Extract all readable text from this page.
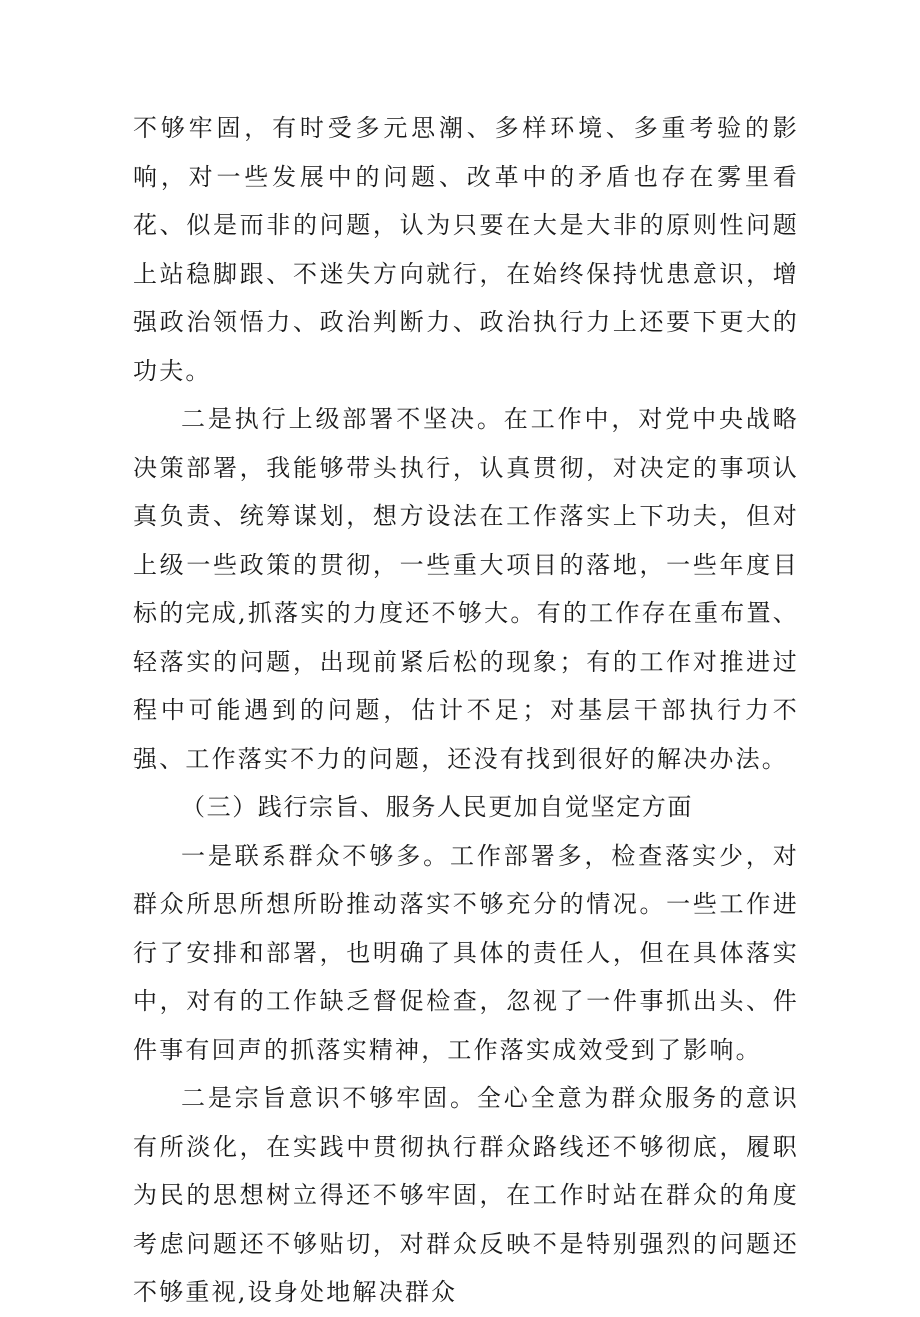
不够牢固，有时受多元思潮、多样环境、多重考验的影响，对一些发展中的问题、改革中的矛盾也存在雾里看花、似是而非的问题，认为只要在大是大非的原则性问题上站稳脚跟、不迷失方向就行，在始终保持忧患意识，增强政治领悟力、政治判断力、政治执行力上还要下更大的功夫。

二是执行上级部署不坚决。在工作中，对党中央战略决策部署，我能够带头执行，认真贯彻，对决定的事项认真负责、统筹谋划，想方设法在工作落实上下功夫，但对上级一些政策的贯彻，一些重大项目的落地，一些年度目标的完成,抓落实的力度还不够大。有的工作存在重布置、轻落实的问题，出现前紧后松的现象；有的工作对推进过程中可能遇到的问题，估计不足；对基层干部执行力不强、工作落实不力的问题，还没有找到很好的解决办法。

（三）践行宗旨、服务人民更加自觉坚定方面

一是联系群众不够多。工作部署多，检查落实少，对群众所思所想所盼推动落实不够充分的情况。一些工作进行了安排和部署，也明确了具体的责任人，但在具体落实中，对有的工作缺乏督促检查，忽视了一件事抓出头、件件事有回声的抓落实精神，工作落实成效受到了影响。

二是宗旨意识不够牢固。全心全意为群众服务的意识有所淡化，在实践中贯彻执行群众路线还不够彻底，履职为民的思想树立得还不够牢固，在工作时站在群众的角度考虑问题还不够贴切，对群众反映不是特别强烈的问题还不够重视,设身处地解决群众
